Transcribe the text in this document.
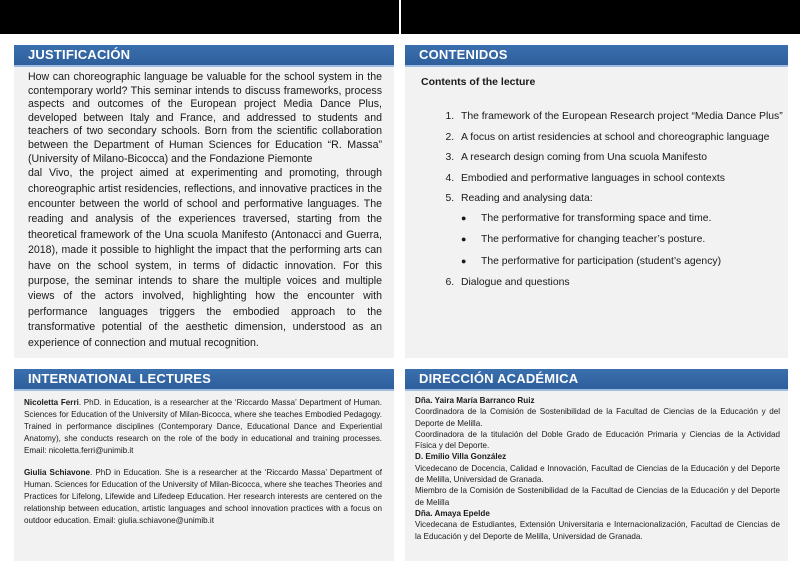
JUSTIFICACIÓN

How can choreographic language be valuable for the school system in the contemporary world? This seminar intends to discuss frameworks, process aspects and outcomes of the European project Media Dance Plus, developed between Italy and France, and addressed to students and teachers of two secondary schools. Born from the scientific collaboration between the Department of Human Sciences for Education “R. Massa” (University of Milano-Bicocca) and the Fondazione Piemonte

dal Vivo, the project aimed at experimenting and promoting, through choreographic artist residencies, reflections, and innovative practices in the encounter between the world of school and performative languages. The reading and analysis of the experiences traversed, starting from the theoretical framework of the Una scuola Manifesto (Antonacci and Guerra, 2018), made it possible to highlight the impact that the performing arts can have on the school system, in terms of didactic innovation. For this purpose, the seminar intends to share the multiple voices and multiple views of the actors involved, highlighting how the encounter with performance languages triggers the embodied approach to the transformative potential of the aesthetic dimension, understood as an experience of connection and mutual recognition.

CONTENIDOS
Contents of the lecture
1. The framework of the European Research project “Media Dance Plus”
2. A focus on artist residencies at school and choreographic language
3. A research design coming from Una scuola Manifesto
4. Embodied and performative languages in school contexts
5. Reading and analysing data:
● The performative for transforming space and time.
● The performative for changing teacher’s posture.
● The performative for participation (student’s agency)
6. Dialogue and questions
INTERNATIONAL LECTURES

Nicoletta Ferri. PhD. in Education, is a researcher at the ‘Riccardo Massa’ Department of Human. Sciences for Education of the University of Milan-Bicocca, where she teaches Embodied Pedagogy. Trained in performance disciplines (Contemporary Dance, Educational Dance and Experiential Anatomy), she conducts research on the role of the body in educational and training processes. Email: nicoletta.ferri@unimib.it

Giulia Schiavone. PhD in Education. She is a researcher at the ‘Riccardo Massa’ Department of Human. Sciences for Education of the University of Milan-Bicocca, where she teaches Theories and Practices for Lifelong, Lifewide and Lifedeep Education. Her research interests are centered on the relationship between education, artistic languages and school innovation practices with a focus on outdoor education. Email: giulia.schiavone@unimib.it

DIRECCIÓN ACADÉMICA
Dña. Yaira María Barranco Ruiz
Coordinadora de la Comisión de Sostenibilidad de la Facultad de Ciencias de la Educación y del Deporte de Melilla.
Coordinadora de la titulación del Doble Grado de Educación Primaria y Ciencias de la Actividad Física y del Deporte.
D. Emilio Villa González
Vicedecano de Docencia, Calidad e Innovación, Facultad de Ciencias de la Educación y del Deporte de Melilla, Universidad de Granada.
Miembro de la Comisión de Sostenibilidad de la Facultad de Ciencias de la Educación y del Deporte de Melilla
Dña. Amaya Epelde
Vicedecana de Estudiantes, Extensión Universitaria e Internacionalización, Facultad de Ciencias de la Educación y del Deporte de Melilla, Universidad de Granada.
